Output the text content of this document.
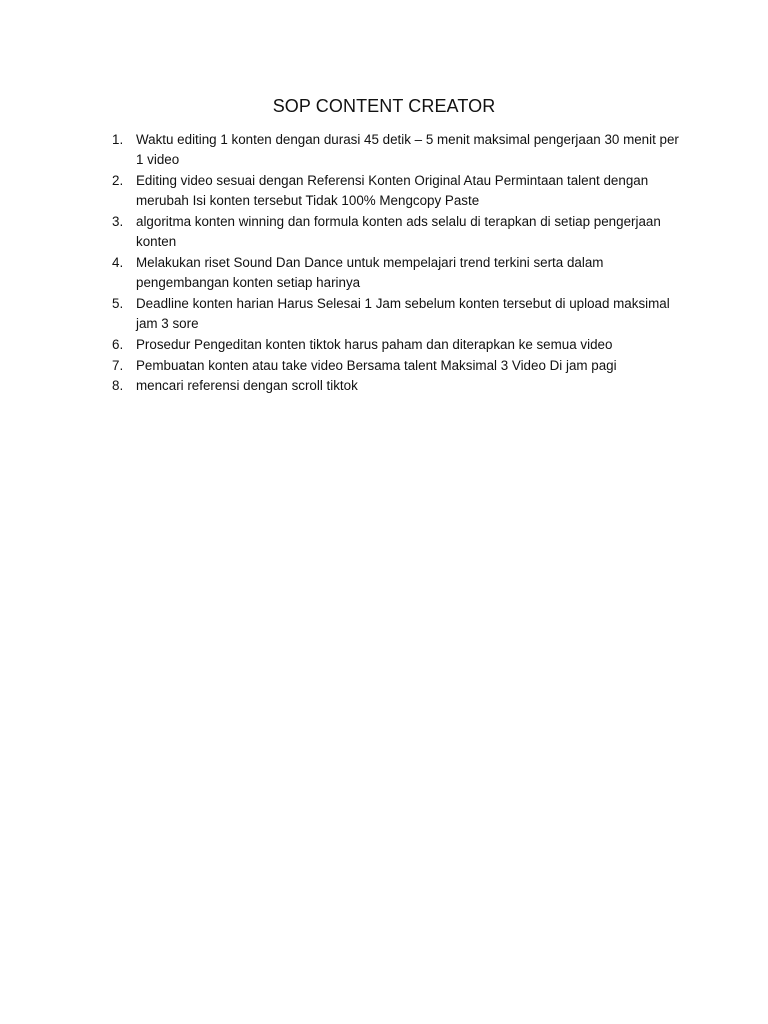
SOP CONTENT CREATOR
1. Waktu editing 1 konten dengan durasi 45 detik – 5 menit maksimal pengerjaan 30 menit per 1 video
2. Editing video sesuai dengan Referensi Konten Original Atau Permintaan talent dengan merubah Isi konten tersebut Tidak 100% Mengcopy Paste
3. algoritma konten winning dan formula konten ads selalu di terapkan di setiap pengerjaan konten
4. Melakukan riset Sound Dan Dance untuk mempelajari trend terkini serta dalam pengembangan konten setiap harinya
5. Deadline konten harian Harus Selesai 1 Jam sebelum konten tersebut di upload maksimal jam 3 sore
6. Prosedur Pengeditan konten tiktok harus paham dan diterapkan ke semua video
7. Pembuatan konten atau take video Bersama talent Maksimal 3 Video Di jam pagi
8. mencari referensi dengan scroll tiktok
